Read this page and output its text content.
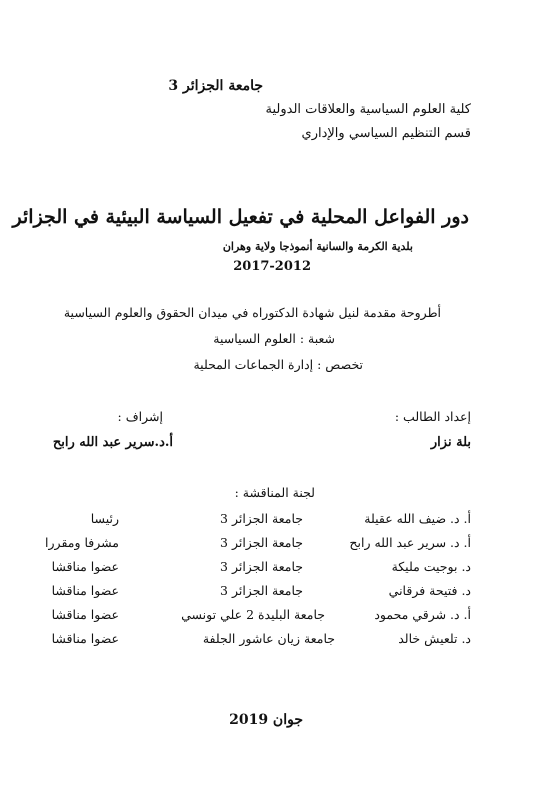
جامعة الجزائر 3
كلية العلوم السياسية والعلاقات الدولية
قسم التنظيم السياسي والإداري
دور الفواعل المحلية في تفعيل السياسة البيئية في الجزائر
بلدية الكرمة والسانية أنموذجا ولاية وهران
2017-2012
أطروحة مقدمة لنيل شهادة الدكتوراه في ميدان الحقوق والعلوم السياسية
شعبة : العلوم السياسية
تخصص : إدارة الجماعات المحلية
إعداد الطالب :
إشراف :
بلة نزار
أ.د.سرير عبد الله رابح
لجنة المناقشة :
أ. د. ضيف الله عقيلة
جامعة الجزائر 3
رئيسا
أ. د. سرير عبد الله رابح
جامعة الجزائر 3
مشرفا ومقررا
د. بوجيت مليكة
جامعة الجزائر 3
عضوا مناقشا
د. فتيحة فرقاني
جامعة الجزائر 3
عضوا مناقشا
أ. د. شرقي محمود
جامعة البليدة 2 علي تونسي
عضوا مناقشا
د. تلعيش خالد
جامعة زيان عاشور الجلفة
عضوا مناقشا
جوان 2019
